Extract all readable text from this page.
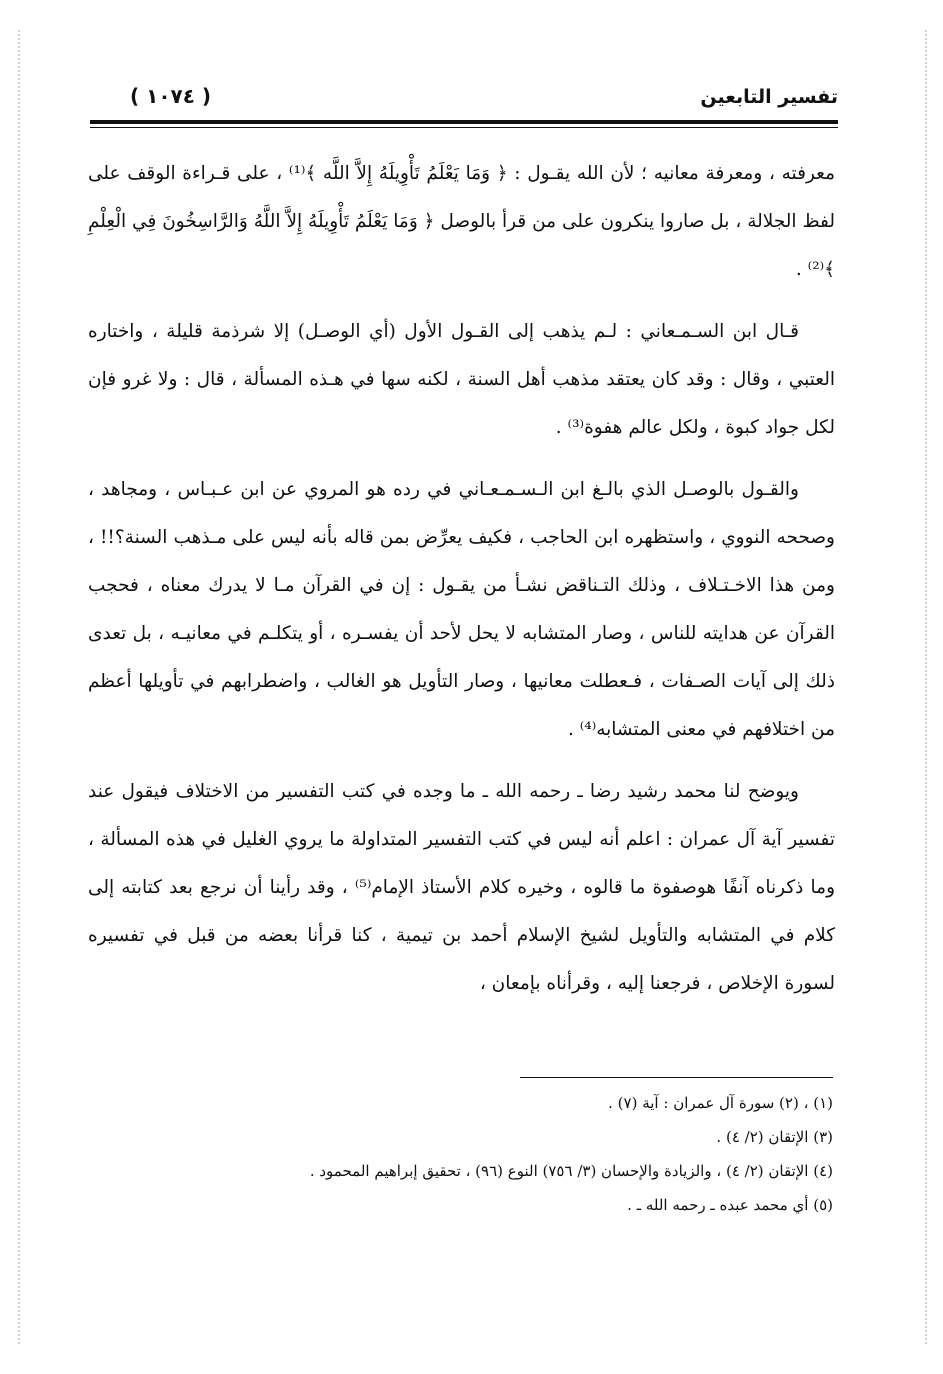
تفسير التابعين
( ١٠٧٤ )

معرفته ، ومعرفة معانيه ؛ لأن الله يقـول : ﴿ وَمَا يَعْلَمُ تَأْوِيلَهُ إِلاَّ اللَّه ﴾⁽¹⁾ ، على قـراءة الوقف على لفظ الجلالة ، بل صاروا ينكرون على من قرأ بالوصل ﴿ وَمَا يَعْلَمُ تَأْوِيلَهُ إِلاَّ اللَّهُ وَالرَّاسِخُونَ فِي الْعِلْمِ ﴾⁽²⁾ .

قـال ابن السـمـعاني : لـم يذهب إلى القـول الأول (أي الوصـل) إلا شرذمة قليلة ، واختاره العتبي ، وقال : وقد كان يعتقد مذهب أهل السنة ، لكنه سها في هـذه المسألة ، قال : ولا غرو فإن لكل جواد كبوة ، ولكل عالم هفوة⁽³⁾ .

والقـول بالوصـل الذي بالـغ ابن الـسـمـعـاني في رده هو المروي عن ابن عـبـاس ، ومجاهد ، وصححه النووي ، واستظهره ابن الحاجب ، فكيف يعرِّض بمن قاله بأنه ليس على مـذهب السنة؟!! ، ومن هذا الاخـتـلاف ، وذلك التـناقض نشـأ من يقـول : إن في القرآن مـا لا يدرك معناه ، فحجب القرآن عن هدايته للناس ، وصار المتشابه لا يحل لأحد أن يفسـره ، أو يتكلـم في معانيـه ، بل تعدى ذلك إلى آيات الصـفات ، فـعطلت معانيها ، وصار التأويل هو الغالب ، واضطرابهم في تأويلها أعظم من اختلافهم في معنى المتشابه⁽⁴⁾ .

ويوضح لنا محمد رشيد رضا ـ رحمه الله ـ ما وجده في كتب التفسير من الاختلاف فيقول عند تفسير آية آل عمران : اعلم أنه ليس في كتب التفسير المتداولة ما يروي الغليل في هذه المسألة ، وما ذكرناه آنفًا هوصفوة ما قالوه ، وخيره كلام الأستاذ الإمام⁽⁵⁾ ، وقد رأينا أن نرجع بعد كتابته إلى كلام في المتشابه والتأويل لشيخ الإسلام أحمد بن تيمية ، كنا قرأنا بعضه من قبل في تفسيره لسورة الإخلاص ، فرجعنا إليه ، وقرأناه بإمعان ،

(١) ، (٢) سورة آل عمران : آية (٧) .

(٣) الإتقان (٢/ ٤) .

(٤) الإتقان (٢/ ٤) ، والزيادة والإحسان (٣/ ٧٥٦) النوع (٩٦) ، تحقيق إبراهيم المحمود .

(٥) أي محمد عبده ـ رحمه الله ـ .
